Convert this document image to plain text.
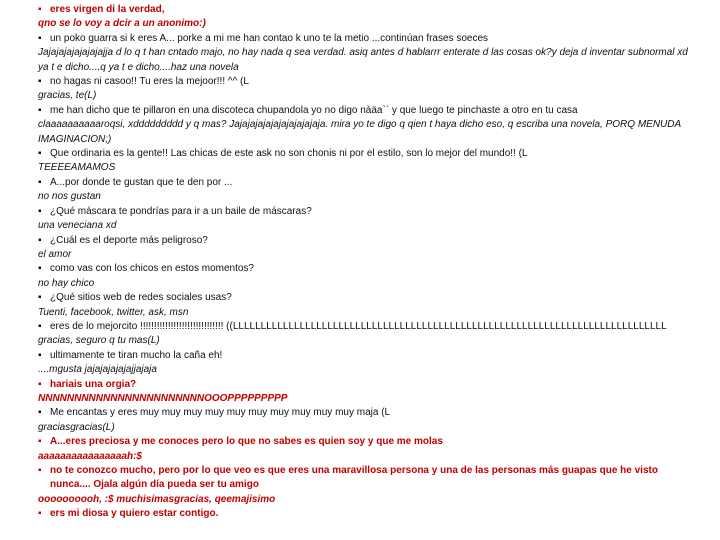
▪ eres virgen di la verdad,
qno se lo voy a dcir a un anonimo:)
▪ un poko guarra si k eres A... porke a mi me han contao k uno te la metio ...continúan frases soeces
Jajajajajajajajajja d lo q t han cntado majo, no hay nada q sea verdad. asiq antes d hablarrr enterate d las cosas ok?y deja d inventar subnormal xd ya t e dicho....q ya t e dicho....haz una novela
▪ no hagas ni casoo!! Tu eres la mejoor!!! ^^ (L
gracias, te(L)
▪ me han dicho que te pillaron en una discoteca chupandola yo no digo nàäa`` y que luego te pinchaste a otro en tu casa
claaaaaaaaaaroqsi, xddddddddd y q mas? Jajajajajajajajajajajaja. mira yo te digo q qien t haya dicho eso, q escriba una novela, PORQ MENUDA IMAGINACION;)
▪ Que ordinaria es la gente!! Las chicas de este ask no son chonis ni por el estilo, son lo mejor del mundo!! (L
TEEEEAMAMOS
▪ A...por donde te gustan que te den por ...
no nos gustan
▪ ¿Qué máscara te pondrías para ir a un baile de máscaras?
una veneciana xd
▪ ¿Cuál es el deporte más peligroso?
el amor
▪ como vas con los chicos en estos momentos?
no hay chico
▪ ¿Qué sitios web de redes sociales usas?
Tuenti, facebook, twitter, ask, msn
▪ eres de lo mejorcito !!!!!!!!!!!!!!!!!!!!!!!!!!!!!! ((LLLLLLLLLLLLLLLLLLLLLLLLLLLLLLLLLLLLLLLLLLLLLLLLLLLLLLLLLLLLLLLLLLLLLLLLLLLLLL
gracias, seguro q tu mas(L)
▪ ultimamente te tiran mucho la caña eh!
....mgusta jajajajajajajjajaja
▪ hariais una orgia?
NNNNNNNNNNNNNNNNNNNNNNNOOOPPPPPPPPP
▪ Me encantas y eres muy muy muy muy muy muy muy muy muy muy maja (L
graciasgracias(L)
▪ A...eres preciosa y me conoces pero lo que no sabes es quien soy y que me molas
aaaaaaaaaaaaaaaah:$
▪ no te conozco mucho, pero por lo que veo es que eres una maravillosa persona y una de las personas más guapas que he visto nunca.... Ojala algún día pueda ser tu amigo
oooooooooh, :$ muchisimasgracias, qeemajisimo
▪ ers mi diosa y quiero estar contigo.
